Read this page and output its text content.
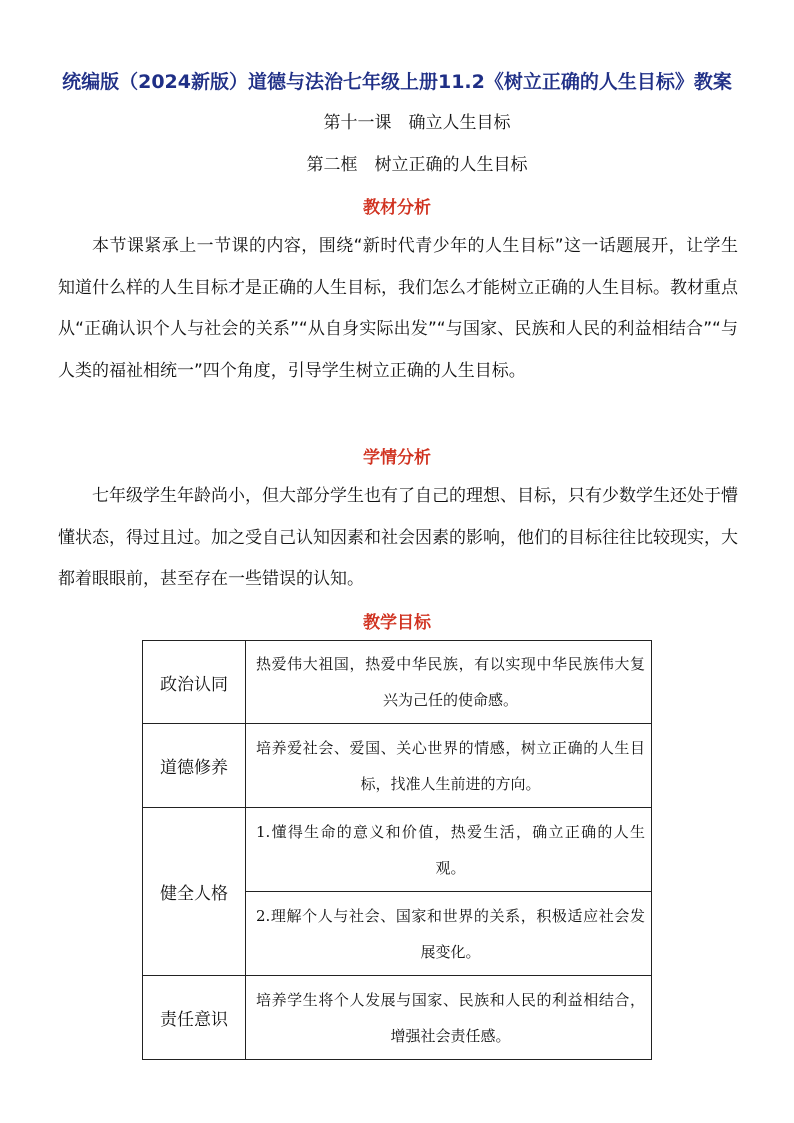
统编版（2024新版）道德与法治七年级上册11.2《树立正确的人生目标》教案
第十一课　确立人生目标
第二框　树立正确的人生目标
教材分析
本节课紧承上一节课的内容，围绕“新时代青少年的人生目标”这一话题展开，让学生知道什么样的人生目标才是正确的人生目标，我们怎么才能树立正确的人生目标。教材重点从“正确认识个人与社会的关系”“从自身实际出发”“与国家、民族和人民的利益相结合”“与人类的福祉相统一”四个角度，引导学生树立正确的人生目标。
学情分析
七年级学生年龄尚小，但大部分学生也有了自己的理想、目标，只有少数学生还处于懵懂状态，得过且过。加之受自己认知因素和社会因素的影响，他们的目标往往比较现实，大都着眼眼前，甚至存在一些错误的认知。
教学目标
政治认同	热爱伟大祖国，热爱中华民族，有以实现中华民族伟大复兴为己任的使命感。

道德修养	培养爱社会、爱国、关心世界的情感，树立正确的人生目标，找准人生前进的方向。

健全人格	1.懂得生命的意义和价值，热爱生活，确立正确的人生观。

	2.理解个人与社会、国家和世界的关系，积极适应社会发展变化。

责任意识	培养学生将个人发展与国家、民族和人民的利益相结合，增强社会责任感。
